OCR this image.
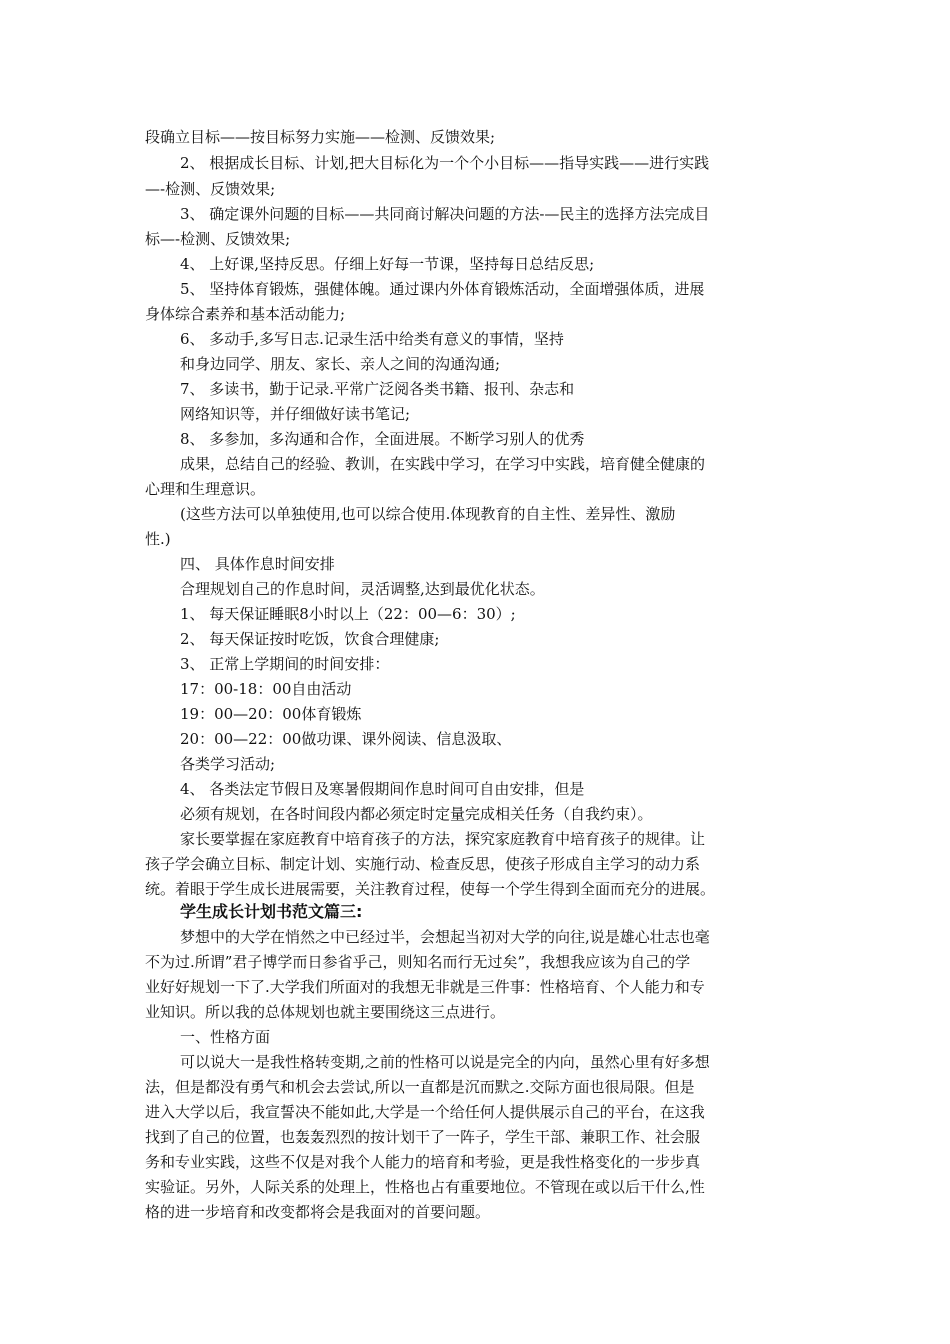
段确立目标——按目标努力实施——检测、反馈效果;
2、 根据成长目标、计划,把大目标化为一个个小目标——指导实践——进行实践
—-检测、反馈效果;
3、 确定课外问题的目标——共同商讨解决问题的方法-—民主的选择方法完成目
标—-检测、反馈效果;
4、 上好课,坚持反思。仔细上好每一节课，坚持每日总结反思;
5、 坚持体育锻炼，强健体魄。通过课内外体育锻炼活动，全面增强体质，进展
身体综合素养和基本活动能力;
6、 多动手,多写日志.记录生活中给类有意义的事情，坚持
和身边同学、朋友、家长、亲人之间的沟通沟通;
7、 多读书，勤于记录.平常广泛阅各类书籍、报刊、杂志和
网络知识等，并仔细做好读书笔记;
8、 多参加，多沟通和合作，全面进展。不断学习别人的优秀
成果，总结自己的经验、教训，在实践中学习，在学习中实践，培育健全健康的
心理和生理意识。
(这些方法可以单独使用,也可以综合使用.体现教育的自主性、差异性、激励
性.)
四、 具体作息时间安排
合理规划自己的作息时间，灵活调整,达到最优化状态。
1、 每天保证睡眠8小时以上（22：00—6：30）;
2、 每天保证按时吃饭，饮食合理健康;
3、 正常上学期间的时间安排：
17：00-18：00自由活动
19：00—20：00体育锻炼
20：00—22：00做功课、课外阅读、信息汲取、
各类学习活动;
4、 各类法定节假日及寒暑假期间作息时间可自由安排，但是
必须有规划，在各时间段内都必须定时定量完成相关任务（自我约束）。
家长要掌握在家庭教育中培育孩子的方法，探究家庭教育中培育孩子的规律。让
孩子学会确立目标、制定计划、实施行动、检查反思，使孩子形成自主学习的动力系
统。着眼于学生成长进展需要，关注教育过程，使每一个学生得到全面而充分的进展。
学生成长计划书范文篇三:
梦想中的大学在悄然之中已经过半，会想起当初对大学的向往,说是雄心壮志也毫
不为过.所谓”君子博学而日参省乎己，则知名而行无过矣”，我想我应该为自己的学
业好好规划一下了.大学我们所面对的我想无非就是三件事：性格培育、个人能力和专
业知识。所以我的总体规划也就主要围绕这三点进行。
一、性格方面
可以说大一是我性格转变期,之前的性格可以说是完全的内向，虽然心里有好多想
法，但是都没有勇气和机会去尝试,所以一直都是沉而默之.交际方面也很局限。但是
进入大学以后，我宣誓决不能如此,大学是一个给任何人提供展示自己的平台，在这我
找到了自己的位置，也轰轰烈烈的按计划干了一阵子，学生干部、兼职工作、社会服
务和专业实践，这些不仅是对我个人能力的培育和考验，更是我性格变化的一步步真
实验证。另外，人际关系的处理上，性格也占有重要地位。不管现在或以后干什么,性
格的进一步培育和改变都将会是我面对的首要问题。
